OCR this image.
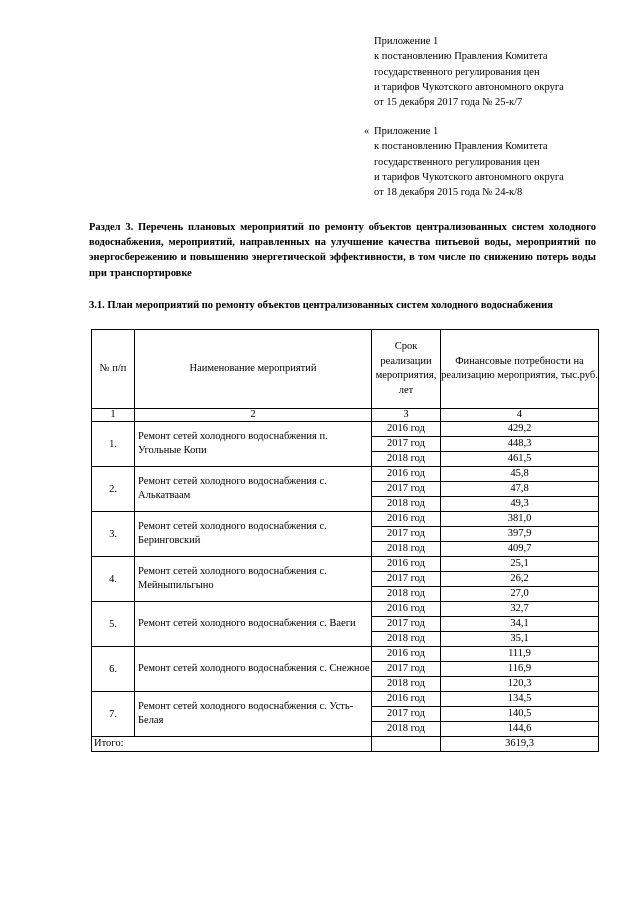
Приложение 1
к постановлению Правления Комитета
государственного регулирования цен
и тарифов Чукотского автономного округа
от 15 декабря 2017 года № 25-к/7
« Приложение 1
к постановлению Правления Комитета
государственного регулирования цен
и тарифов Чукотского автономного округа
от 18 декабря 2015 года № 24-к/8
Раздел 3. Перечень плановых мероприятий по ремонту объектов централизованных систем холодного водоснабжения, мероприятий, направленных на улучшение качества питьевой воды, мероприятий по энергосбережению и повышению энергетической эффективности, в том числе по снижению потерь воды при транспортировке
3.1. План мероприятий по ремонту объектов централизованных систем холодного водоснабжения
№ п/п	Наименование мероприятий	Срок реализации мероприятия, лет	Финансовые потребности на реализацию мероприятия, тыс.руб.
1	2	3	4
1.	Ремонт сетей холодного водоснабжения п. Угольные Копи	2016 год	429,2
		2017 год	448,3
		2018 год	461,5
2.	Ремонт сетей холодного водоснабжения с. Алькатваам	2016 год	45,8
		2017 год	47,8
		2018 год	49,3
3.	Ремонт сетей холодного водоснабжения с. Беринговский	2016 год	381,0
		2017 год	397,9
		2018 год	409,7
4.	Ремонт сетей холодного водоснабжения с. Мейныпильгыно	2016 год	25,1
		2017 год	26,2
		2018 год	27,0
5.	Ремонт сетей холодного водоснабжения с. Ваеги	2016 год	32,7
		2017 год	34,1
		2018 год	35,1
6.	Ремонт сетей холодного водоснабжения с. Снежное	2016 год	111,9
		2017 год	116,9
		2018 год	120,3
7.	Ремонт сетей холодного водоснабжения с. Усть-Белая	2016 год	134,5
		2017 год	140,5
		2018 год	144,6
Итого:			3619,3
